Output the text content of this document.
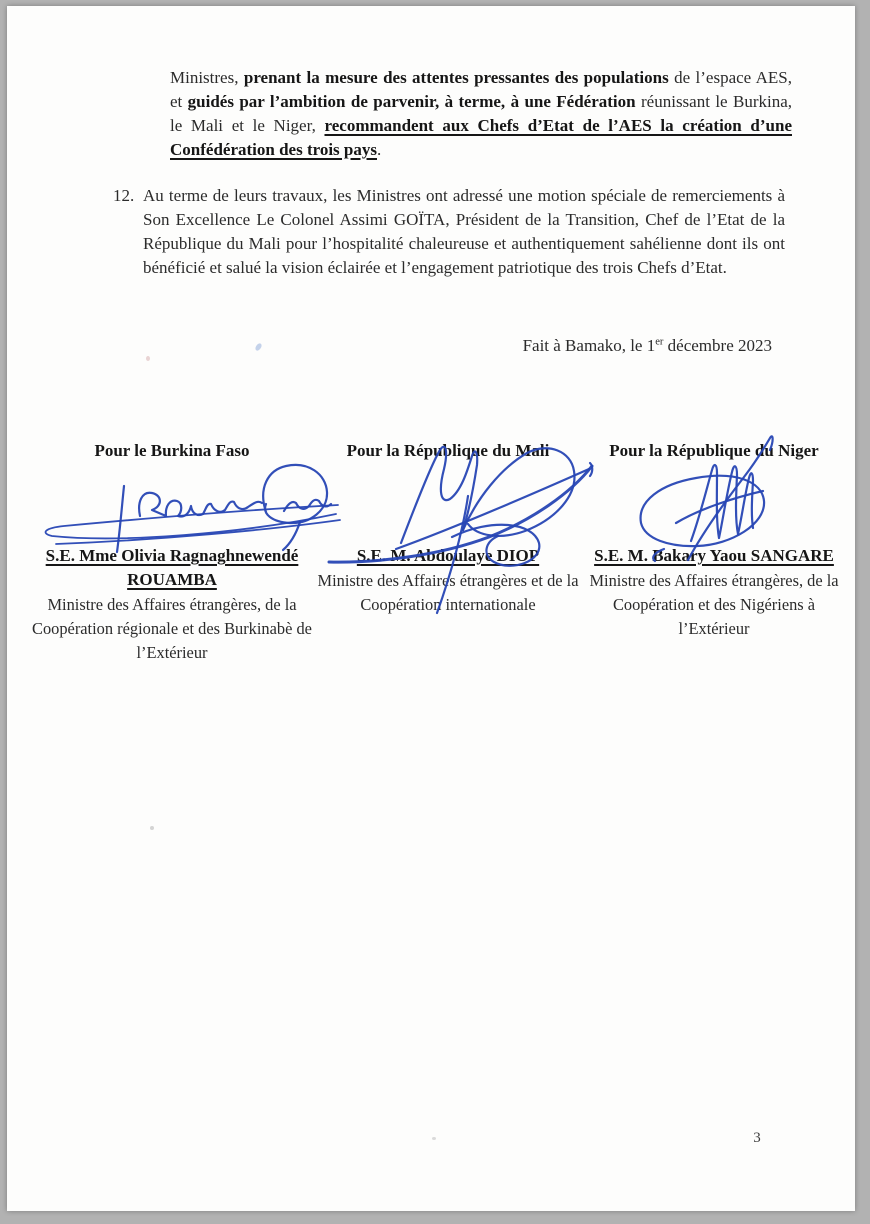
Ministres, prenant la mesure des attentes pressantes des populations de l’espace AES, et guidés par l’ambition de parvenir, à terme, à une Fédération réunissant le Burkina, le Mali et le Niger, recommandent aux Chefs d’Etat de l’AES la création d’une Confédération des trois pays.
12. Au terme de leurs travaux, les Ministres ont adressé une motion spéciale de remerciements à Son Excellence Le Colonel Assimi GOÏTA, Président de la Transition, Chef de l’Etat de la République du Mali pour l’hospitalité chaleureuse et authentiquement sahélienne dont ils ont bénéficié et salué la vision éclairée et l’engagement patriotique des trois Chefs d’Etat.
Fait à Bamako, le 1er décembre 2023
Pour le Burkina Faso
S.E. Mme Olivia Ragnaghnewendé ROUAMBA
Ministre des Affaires étrangères, de la Coopération régionale et des Burkinabè de l’Extérieur
Pour la République du Mali
S.E. M. Abdoulaye DIOP
Ministre des Affaires étrangères et de la Coopération internationale
Pour la République du Niger
S.E. M. Bakary Yaou SANGARE
Ministre des Affaires étrangères, de la Coopération et des Nigériens à l’Extérieur
3
